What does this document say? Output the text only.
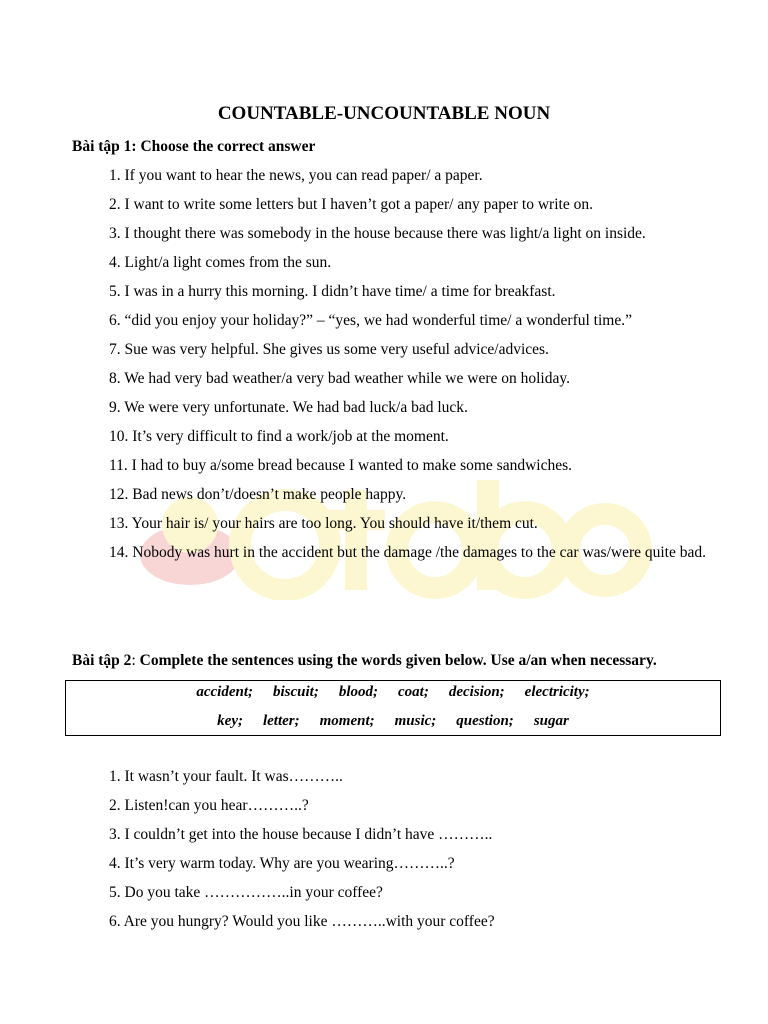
COUNTABLE-UNCOUNTABLE NOUN
Bài tập 1: Choose the correct answer
1. If you want to hear the news, you can read paper/ a paper.
2. I want to write some letters but I haven’t got a paper/ any paper to write on.
3. I thought there was somebody in the house because there was light/a light on inside.
4. Light/a light comes from the sun.
5. I was in a hurry this morning. I didn’t have time/ a time for breakfast.
6. “did you enjoy your holiday?” – “yes, we had wonderful time/ a wonderful time.”
7. Sue was very helpful. She gives us some very useful advice/advices.
8. We had very bad weather/a very bad weather while we were on holiday.
9. We were very unfortunate. We had bad luck/a bad luck.
10. It’s very difficult to find a work/job at the moment.
11. I had to buy a/some bread because I wanted to make some sandwiches.
12. Bad news don’t/doesn’t make people happy.
13. Your hair is/ your hairs are too long. You should have it/them cut.
14. Nobody was hurt in the accident but the damage /the damages to the car was/were quite bad.
Bài tập 2: Complete the sentences using the words given below. Use a/an when necessary.
accident; biscuit; blood; coat; decision; electricity;
key; letter; moment; music; question; sugar
1. It wasn’t your fault. It was………..
2. Listen!can you hear………..?
3. I couldn’t get into the house because I didn’t have ………..
4. It’s very warm today. Why are you wearing………..?
5. Do you take ……………..in your coffee?
6. Are you hungry? Would you like ………..with your coffee?
